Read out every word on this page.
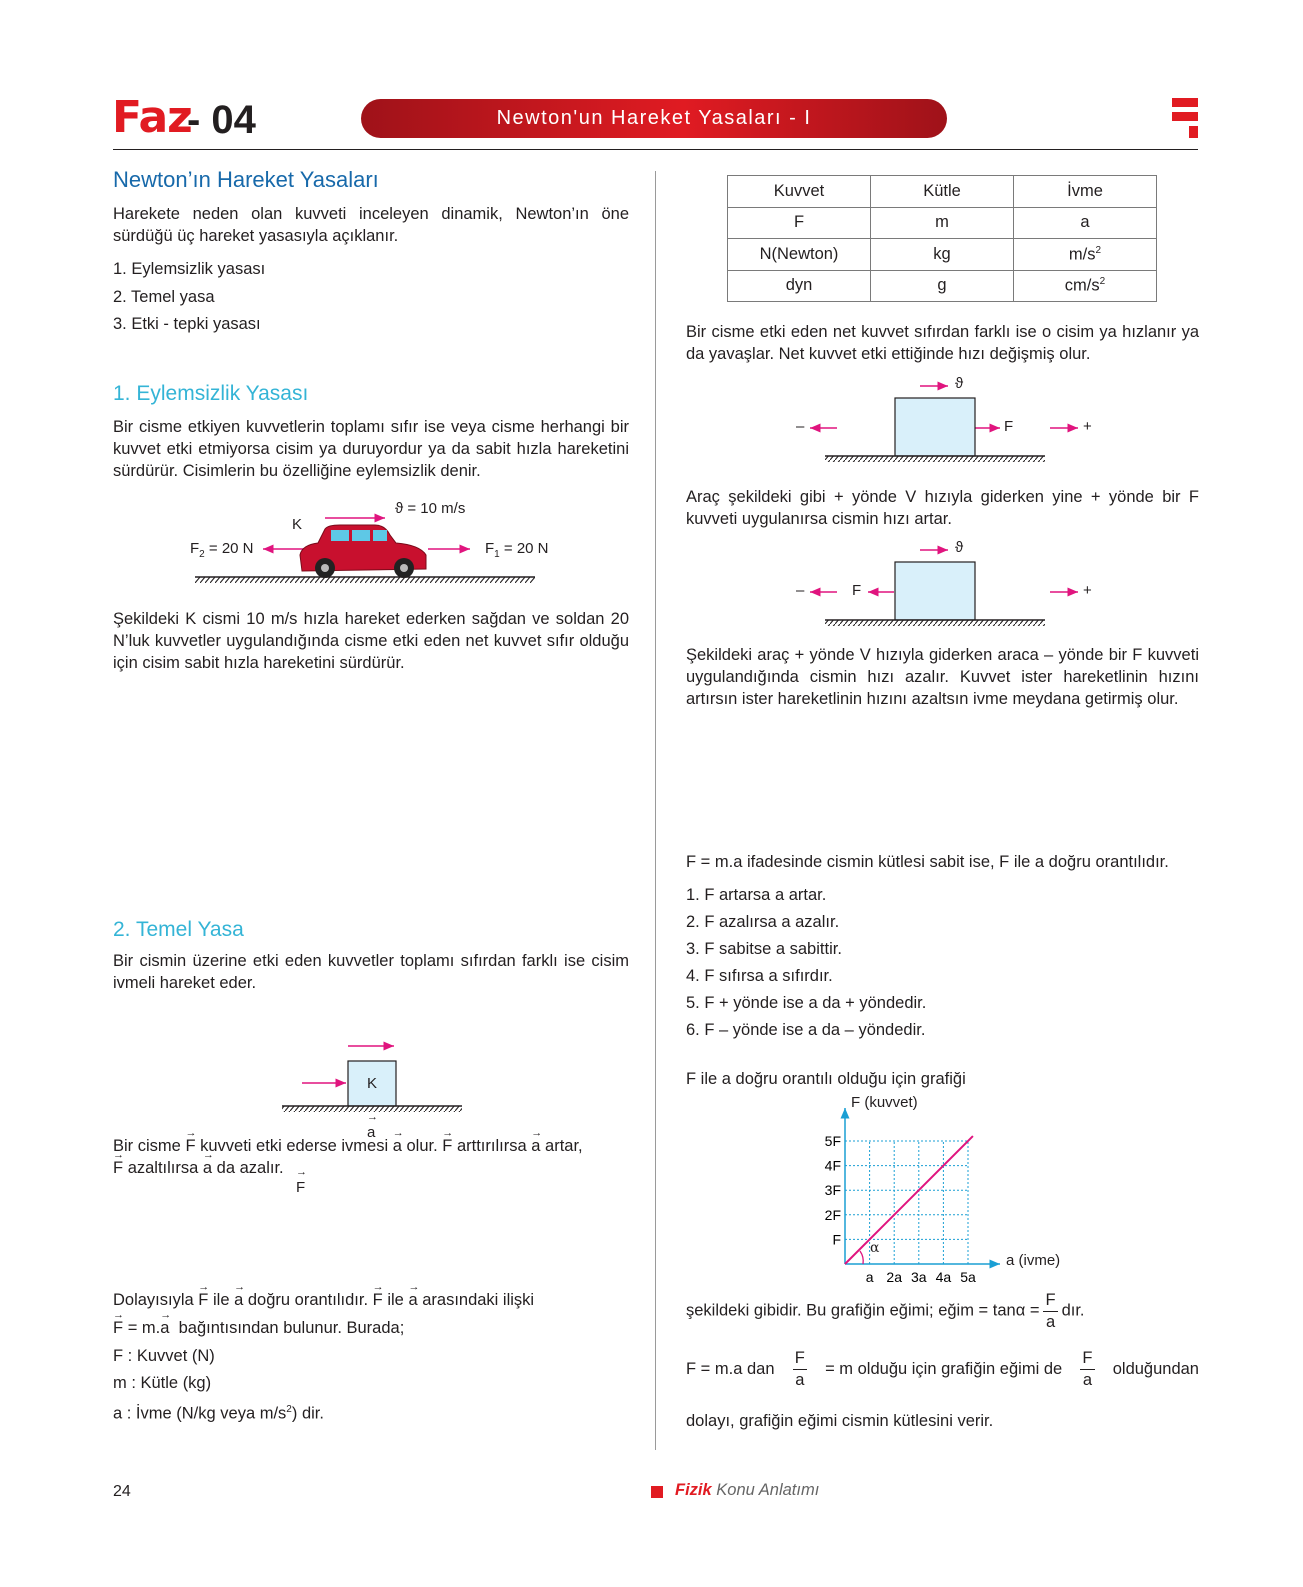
Faz
- 04	Newton'un Hareket Yasaları - I
Newton’ın Hareket Yasaları

Harekete neden olan kuvveti inceleyen dinamik, Newton’ın öne sürdüğü üç hareket yasasıyla açıklanır.

1. Eylemsizlik yasası
2. Temel yasa
3. Etki - tepki yasası
1. Eylemsizlik Yasası

Bir cisme etkiyen kuvvetlerin toplamı sıfır ise veya cisme herhangi bir kuvvet etki etmiyorsa cisim ya duruyordur ya da sabit hızla hareketini sürdürür. Cisimlerin bu özelliğine eylemsizlik denir.

ϑ = 10 m/s
K
$F_2 = 20$ N	$F_1 = 20$ N

Şekildeki K cismi 10 m/s hızla hareket ederken sağdan ve soldan 20 N’luk kuvvetler uygulandığında cisme etki eden net kuvvet sıfır olduğu için cisim sabit hızla hareketini sürdürür.

2. Temel Yasa

Bir cismin üzerine etki eden kuvvetler toplamı sıfırdan farklı ise cisim ivmeli hareket eder.

→ a → F
K
Bir cisme → F kuvveti etki ederse ivmesi → a olur. → F arttırılırsa → a artar,
→ F azaltılırsa → a da azalır.
Dolayısıyla → F ile → a doğru orantılıdır. → F ile → a arasındaki ilişki
→ F = m.→ a bağıntısından bulunur. Burada;
F : Kuvvet (N)
m : Kütle (kg)
a : İvme (N/kg veya $m/s^2$) dir.
Kuvvet	Kütle	İvme
F	m	a
N(Newton)	kg	$m/s^2$
dyn	g	$cm/s^2$

Bir cisme etki eden net kuvvet sıfırdan farklı ise o cisim ya hızlanır ya da yavaşlar. Net kuvvet etki ettiğinde hızı değişmiş olur.

ϑ
–	F	+

Araç şekildeki gibi + yönde V hızıyla giderken yine + yönde bir F kuvveti uygulanırsa cismin hızı artar.

ϑ
–	F	+

Şekildeki araç + yönde V hızıyla giderken araca – yönde bir F kuvveti uygulandığında cismin hızı azalır. Kuvvet ister hareketlinin hızını artırsın ister hareketlinin hızını azaltsın ivme meydana getirmiş olur.

F = m.a ifadesinde cismin kütlesi sabit ise, F ile a doğru orantılıdır.

1. F artarsa a artar.
2. F azalırsa a azalır.
3. F sabitse a sabittir.
4. F sıfırsa a sıfırdır.
5. F + yönde ise a da + yöndedir.
6. F – yönde ise a da – yöndedir.
F ile a doğru orantılı olduğu için grafiği
a 2a 3a 4a 5a
F
2F
3F
4F
5F
F (kuvvet)
a (ivme)
α
şekildeki gibidir. Bu grafiğin eğimi; eğim = $\tan\alpha = \frac{F}{a}$ dır.
F = m.a dan $\frac{F}{a} = m$ olduğu için grafiğin eğimi de $\frac{F}{a}$ olduğundan
dolayı, grafiğin eğimi cismin kütlesini verir.
24	Fizik Konu Anlatımı
